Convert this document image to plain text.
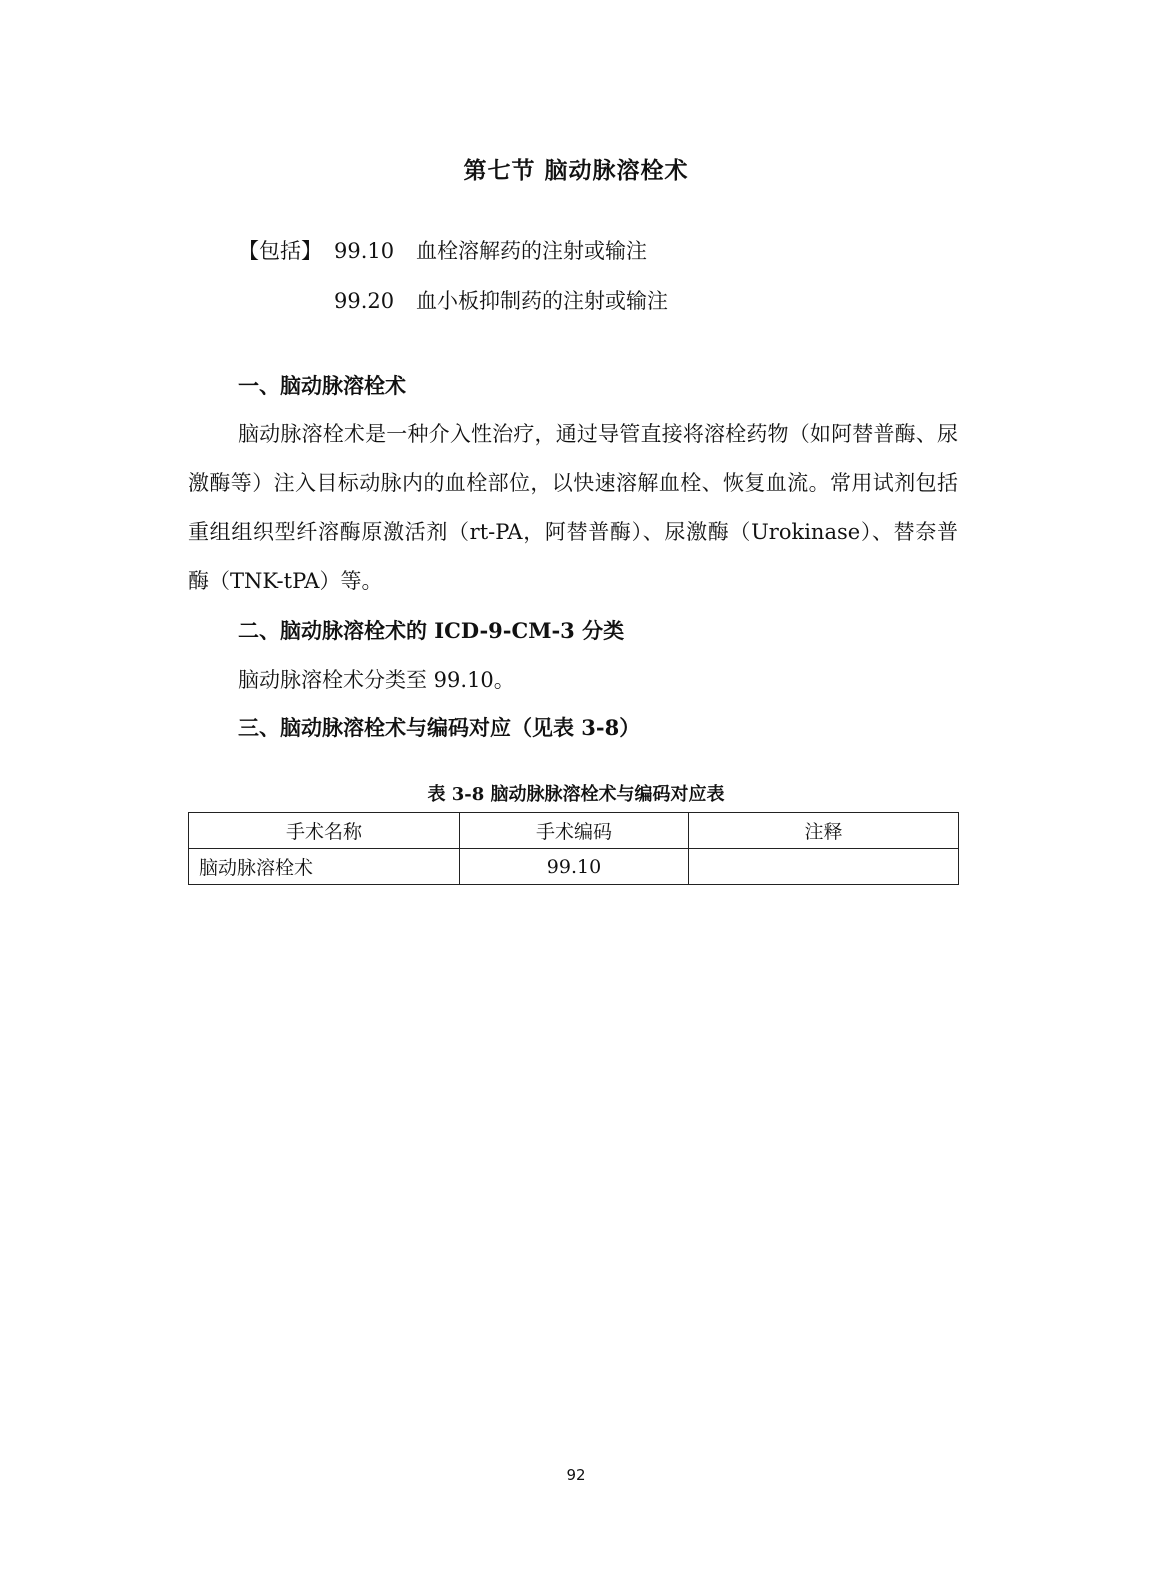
第七节 脑动脉溶栓术
【包括】 99.10 血栓溶解药的注射或输注
99.20 血小板抑制药的注射或输注
一、脑动脉溶栓术
脑动脉溶栓术是一种介入性治疗，通过导管直接将溶栓药物（如阿替普酶、尿激酶等）注入目标动脉内的血栓部位，以快速溶解血栓、恢复血流。常用试剂包括重组组织型纤溶酶原激活剂（rt-PA，阿替普酶）、尿激酶（Urokinase）、替奈普酶（TNK-tPA）等。
二、脑动脉溶栓术的 ICD-9-CM-3 分类
脑动脉溶栓术分类至 99.10。
三、脑动脉溶栓术与编码对应（见表 3-8）
表 3-8 脑动脉脉溶栓术与编码对应表
手术名称	手术编码	注释
脑动脉溶栓术	99.10	
92
